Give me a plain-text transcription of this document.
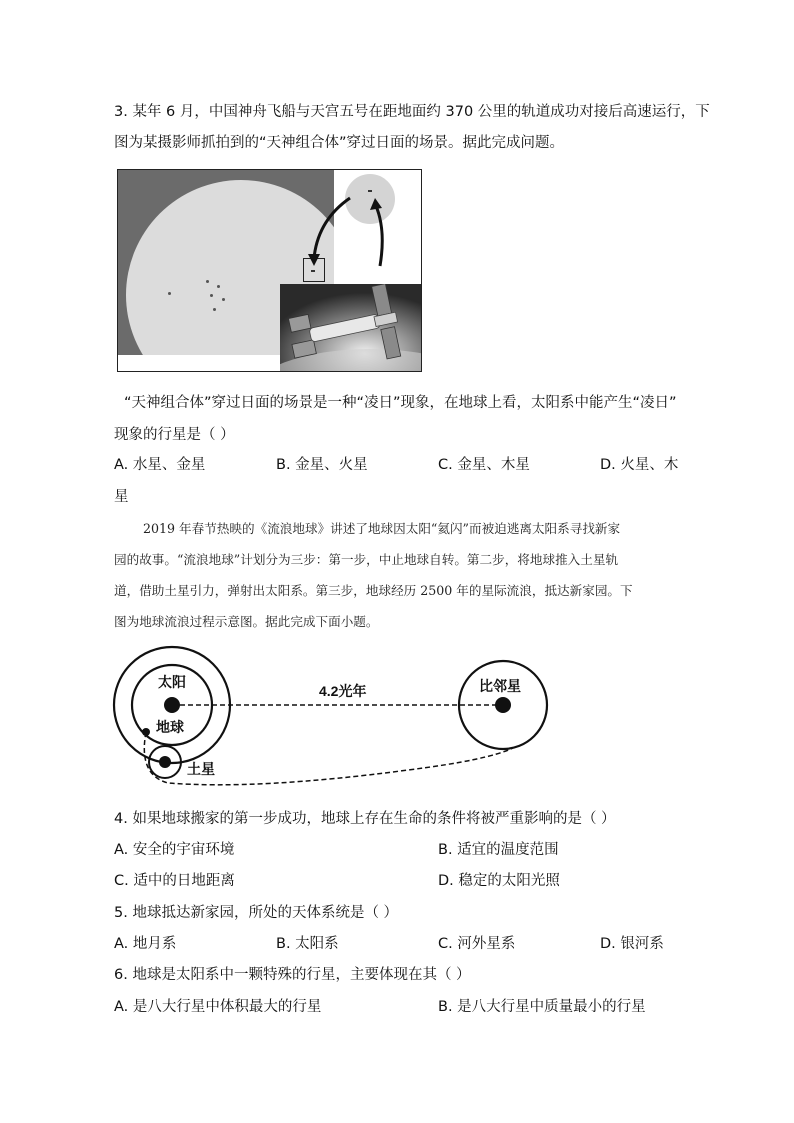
3. 某年 6 月，中国神舟飞船与天宫五号在距地面约 370 公里的轨道成功对接后高速运行，下
图为某摄影师抓拍到的“天神组合体”穿过日面的场景。据此完成问题。
“天神组合体”穿过日面的场景是一种“凌日”现象，在地球上看，太阳系中能产生“凌日”
现象的行星是（ ）
A. 水星、金星	B. 金星、火星	C. 金星、木星	D. 火星、木
星
2019 年春节热映的《流浪地球》讲述了地球因太阳“氦闪”而被迫逃离太阳系寻找新家
园的故事。“流浪地球”计划分为三步：第一步，中止地球自转。第二步，将地球推入土星轨
道，借助土星引力，弹射出太阳系。第三步，地球经历 2500 年的星际流浪，抵达新家园。下
图为地球流浪过程示意图。据此完成下面小题。
太阳
地球
土星
4.2光年	比邻星
4. 如果地球搬家的第一步成功，地球上存在生命的条件将被严重影响的是（ ）
A. 安全的宇宙环境	B. 适宜的温度范围
C. 适中的日地距离	D. 稳定的太阳光照
5. 地球抵达新家园，所处的天体系统是（ ）
A. 地月系	B. 太阳系	C. 河外星系	D. 银河系
6. 地球是太阳系中一颗特殊的行星，主要体现在其（ ）
A. 是八大行星中体积最大的行星	B. 是八大行星中质量最小的行星
